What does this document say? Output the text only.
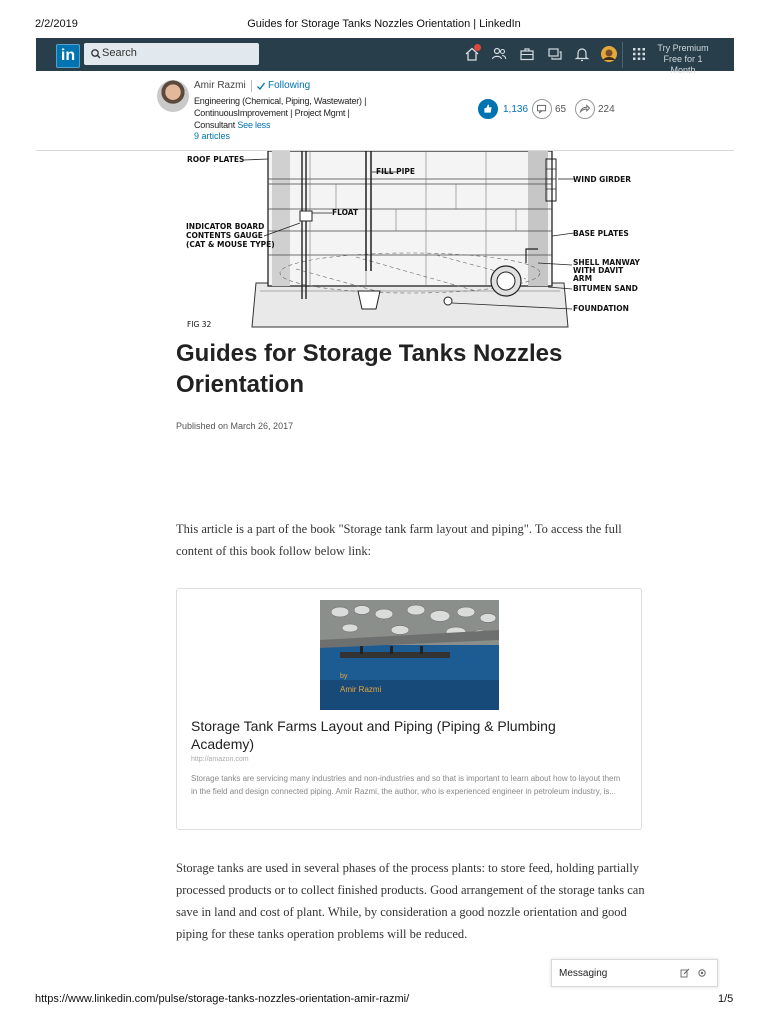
2/2/2019	Guides for Storage Tanks Nozzles Orientation | LinkedIn
in	Search	Try Premium Free for 1 Month
Amir Razmi Following
Engineering (Chemical, Piping, Wastewater) | ContinuousImprovement | Project Mgmt | Consultant See less
9 articles
1,136	65	224
ROOF PLATES
FILL PIPE
WIND GIRDER
FLOAT
INDICATOR BOARD
CONTENTS GAUGE
(CAT & MOUSE TYPE)
BASE PLATES
SHELL MANWAY
WITH DAVIT ARM
BITUMEN SAND
FOUNDATION
FIG 32
Guides for Storage Tanks Nozzles Orientation
Published on March 26, 2017

This article is a part of the book "Storage tank farm layout and piping". To access the full content of this book follow below link:

by
Amir Razmi
Storage Tank Farms Layout and Piping (Piping & Plumbing Academy)
http://amazon.com
Storage tanks are servicing many industries and non-industries and so that is important to learn about how to layout them in the field and design connected piping. Amir Razmi, the author, who is experienced engineer in petroleum industry, is...

Storage tanks are used in several phases of the process plants: to store feed, holding partially processed products or to collect finished products. Good arrangement of the storage tanks can save in land and cost of plant. While, by consideration a good nozzle orientation and good piping for these tanks operation problems will be reduced.

Messaging
https://www.linkedin.com/pulse/storage-tanks-nozzles-orientation-amir-razmi/	1/5
